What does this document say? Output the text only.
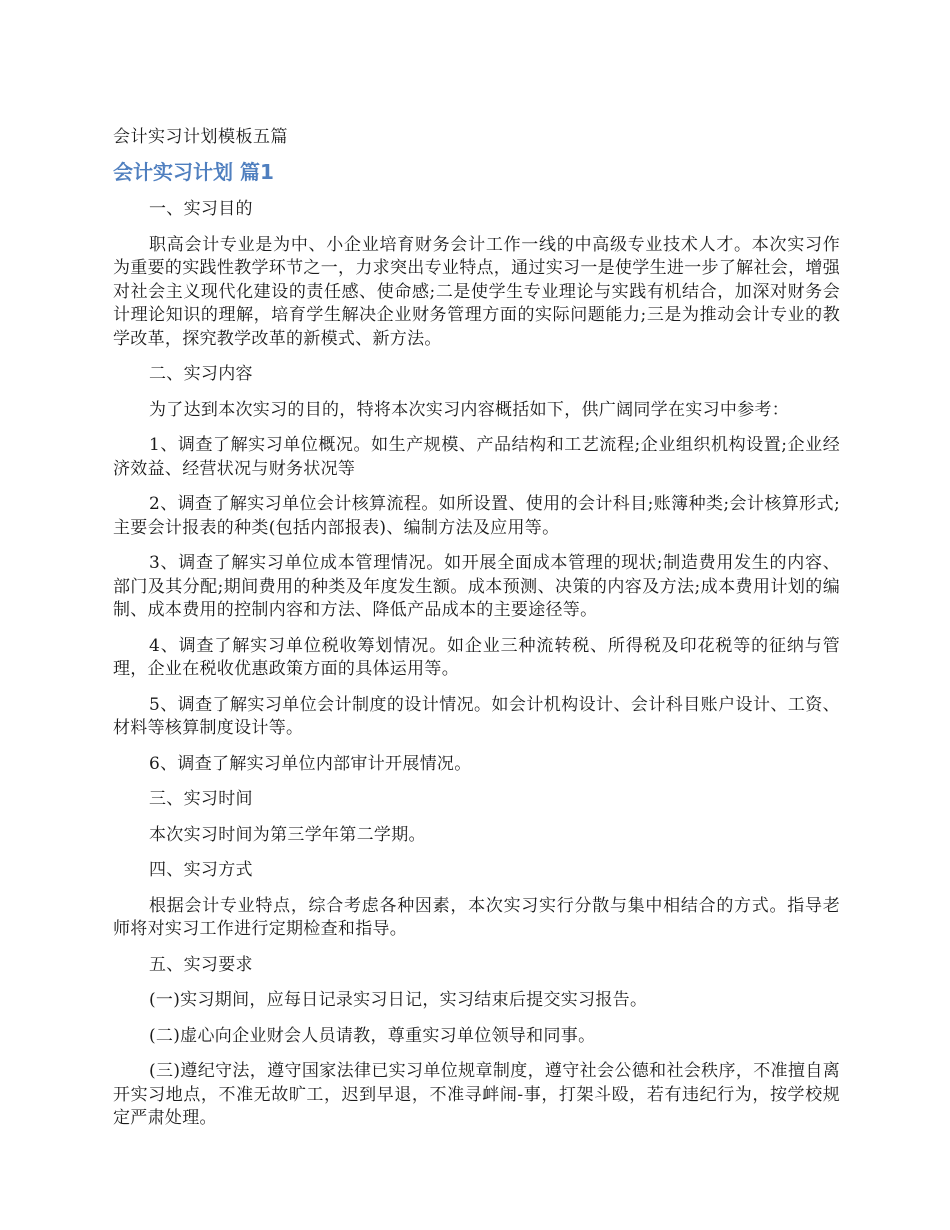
会计实习计划模板五篇
会计实习计划 篇1

一、实习目的

职高会计专业是为中、小企业培育财务会计工作一线的中高级专业技术人才。本次实习作为重要的实践性教学环节之一，力求突出专业特点，通过实习一是使学生进一步了解社会，增强对社会主义现代化建设的责任感、使命感;二是使学生专业理论与实践有机结合，加深对财务会计理论知识的理解，培育学生解决企业财务管理方面的实际问题能力;三是为推动会计专业的教学改革，探究教学改革的新模式、新方法。

二、实习内容

为了达到本次实习的目的，特将本次实习内容概括如下，供广阔同学在实习中参考：

1、调查了解实习单位概况。如生产规模、产品结构和工艺流程;企业组织机构设置;企业经济效益、经营状况与财务状况等

2、调查了解实习单位会计核算流程。如所设置、使用的会计科目;账簿种类;会计核算形式;主要会计报表的种类(包括内部报表)、编制方法及应用等。

3、调查了解实习单位成本管理情况。如开展全面成本管理的现状;制造费用发生的内容、部门及其分配;期间费用的种类及年度发生额。成本预测、决策的内容及方法;成本费用计划的编制、成本费用的控制内容和方法、降低产品成本的主要途径等。

4、调查了解实习单位税收筹划情况。如企业三种流转税、所得税及印花税等的征纳与管理，企业在税收优惠政策方面的具体运用等。

5、调查了解实习单位会计制度的设计情况。如会计机构设计、会计科目账户设计、工资、材料等核算制度设计等。

6、调查了解实习单位内部审计开展情况。

三、实习时间

本次实习时间为第三学年第二学期。

四、实习方式

根据会计专业特点，综合考虑各种因素，本次实习实行分散与集中相结合的方式。指导老师将对实习工作进行定期检查和指导。

五、实习要求

(一)实习期间，应每日记录实习日记，实习结束后提交实习报告。

(二)虚心向企业财会人员请教，尊重实习单位领导和同事。

(三)遵纪守法，遵守国家法律已实习单位规章制度，遵守社会公德和社会秩序，不准擅自离开实习地点，不准无故旷工，迟到早退，不准寻衅闹-事，打架斗殴，若有违纪行为，按学校规定严肃处理。
